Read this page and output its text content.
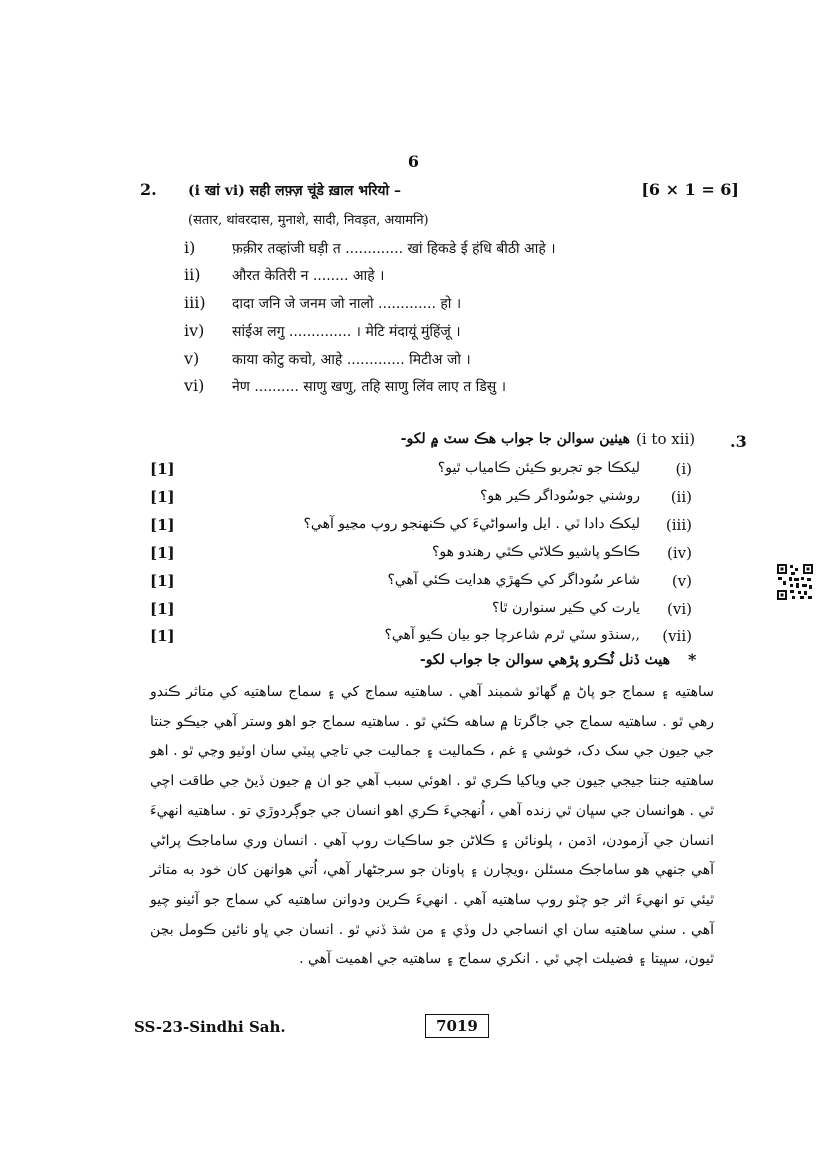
6
2. (i खां vi) सही लफ़्ज़ चूंडे ख़ाल भरियो –	[6 × 1 = 6]
(सतार, थांवरदास, मुनाशे, सादी, निवड़त, अयामनि)
i)	फ़क़ीर तव्हांजी घड़ी त ............. खां हिकडे ई हंधि बीठी आहे ।
ii) औरत केतिरी न ........ आहे ।
iii) दादा जनि जे जनम जो नालो ............. हो ।
iv) सांईअ लगु .............. । मेटि मंदायूं मुंहिंजूं ।
v) काया कोटु कचो, आहे ............. मिटीअ जो ।
vi) नेण .......... साणु खणु, तहि साणु लिंव लाए त डिसु ।
.3
(i to xii)
هيٺين سوالن جا جواب هڪ سٽ ۾ لکو-
[1]	ليکڪا جو تجربو ڪيئن ڪامياب ٿيو؟ (i)
[1]	روشني جوسُوداگر ڪير هو؟ (ii)
[1]	ليکڪ دادا ٽي . ايل واسواڻيءَ کي ڪنهنجو روپ مڃيو آهي؟ (iii)
[1]	ڪاڪو پاشيو ڪلاڻي ڪٿي رهندو هو؟ (iv)
[1]	شاعر سُوداگر کي ڪهڙي هدايت ڪئي آهي؟ (v)
[1]	يارت کي ڪير سنوارن ٿا؟ (vi)
[1]	,,سنڌو سٽي ٿرم شاعرچا جو بيان ڪيو آهي؟ (vii)
*
هيٺ ڏنل ٽُڪرو پڙهي سوالن جا جواب لکو-
ساهتيه ۽ سماج جو پاڻ ۾ گهاٽو شمبند آهي . ساهتيه سماج کي ۽ سماج ساهتيه کي متاثر ڪندو رهي ٿو . ساهتيه سماج جي جاگرتا ۾ ساهه ڪئي ٿو . ساهتيه سماج جو اهو وستر آهي جيڪو جنتا جي جيون جي سک دک، خوشي ۽ غم ، ڪماليت ۽ جماليت جي تاڃي پيٽي سان اوٽيو وڃي ٿو . اهو ساهتيه جنتا جيجي جيون جي وياکيا ڪري ٿو . اهوئي سبب آهي جو ان ۾ جيون ڏيڻ جي طاقت اچي ٿي . هوانسان جي سڀان ٿي زنده آهي ، اُنهجيءَ ڪري اهو انسان جي جوڳردوڙي تو . ساهتيه انهيءَ انسان جي آزمودن، اڌمن ، پلونائن ۽ ڪلاڻن جو ساڪيات روپ آهي . انسان وري ساماجڪ پراڻي آهي جنهي هو ساماجڪ مسئلن ،ويچارن ۽ پاونان جو سرجڻهار آهي، اُتي هوانهن کان خود به متاثر ٿيئي تو انهيءَ اثر جو چٽو روپ ساهتيه آهي . انهيءَ ڪرين ودوانن ساهتيه کي سماج جو آئينو چيو آهي . سٺي ساهتيه سان اي انساجي دل وڏي ۽ من شڌ ڏني ٿو . انسان جي ڀاو نائين ڪومل بڃن ٿيون، سڀيتا ۽ فضيلت اچي ٿي . انکري سماج ۽ ساهتيه جي اهميت آهي .
SS-23-Sindhi Sah.	7019
